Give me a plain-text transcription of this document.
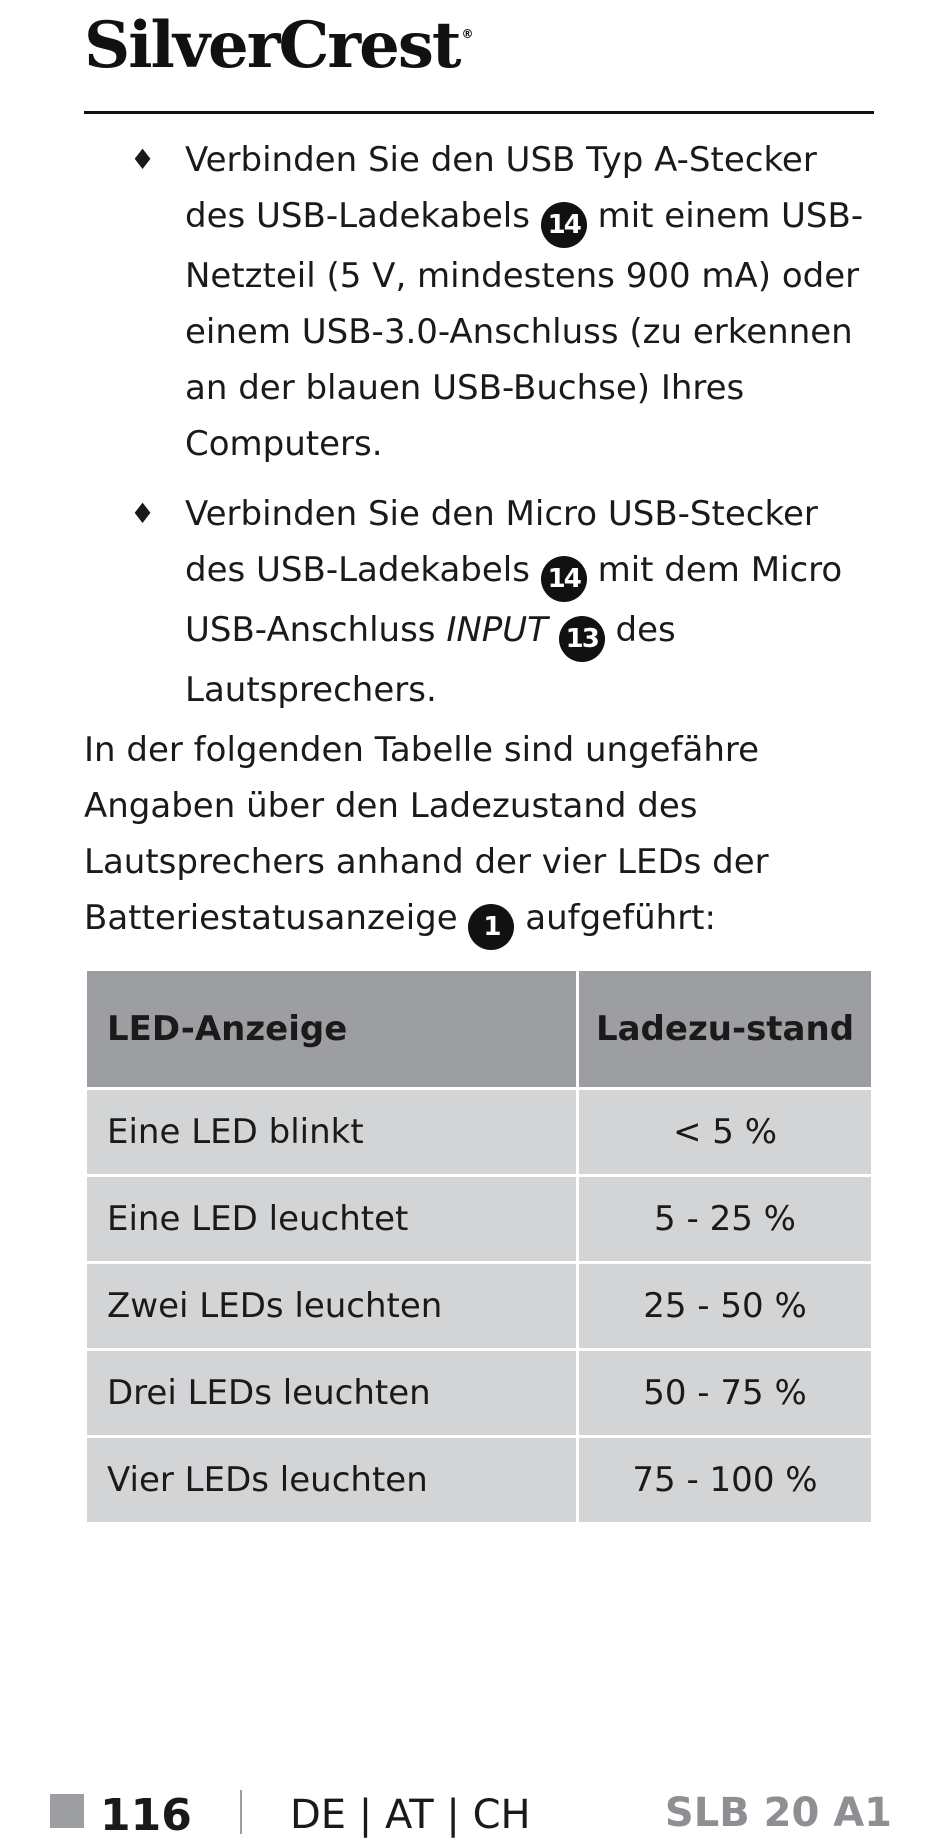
SilverCrest ®
♦ Verbinden Sie den USB Typ A-Stecker des USB-Ladekabels 14 mit einem USB-Netzteil (5 V, mindestens 900 mA) oder einem USB-3.0-Anschluss (zu erkennen an der blauen USB-Buchse) Ihres Computers.
♦ Verbinden Sie den Micro USB-Stecker des USB-Ladekabels 14 mit dem Micro USB-Anschluss INPUT 13 des Lautsprechers.
In der folgenden Tabelle sind ungefähre Angaben über den Ladezustand des Lautsprechers anhand der vier LEDs der Batteriestatusanzeige 1 aufgeführt:
LED-Anzeige	Ladezu-stand
Eine LED blinkt	< 5 %
Eine LED leuchtet	5 - 25 %
Zwei LEDs leuchten	25 - 50 %
Drei LEDs leuchten	50 - 75 %
Vier LEDs leuchten	75 - 100 %
116 DE | AT | CH	SLB 20 A1
